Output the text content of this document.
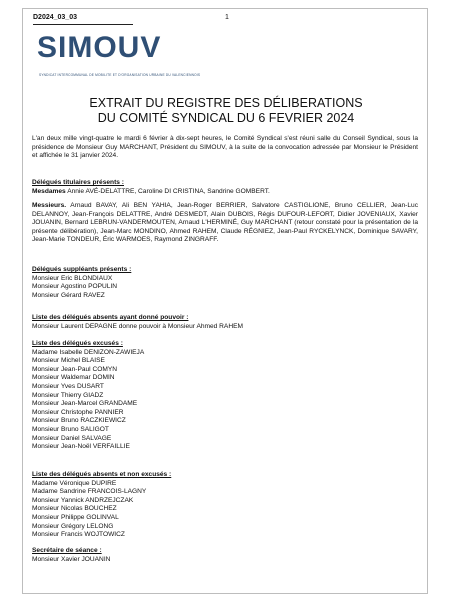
D2024_03_03	1
SIMOUV
SYNDICAT INTERCOMMUNAL DE MOBILITE ET D'ORGANISATION URBAINE DU VALENCIENNOIS
EXTRAIT DU REGISTRE DES DÉLIBERATIONS
DU COMITÉ SYNDICAL DU 6 FEVRIER 2024
L'an deux mille vingt-quatre le mardi 6 février à dix-sept heures, le Comité Syndical s'est réuni salle du Conseil Syndical, sous la présidence de Monsieur Guy MARCHANT, Président du SIMOUV, à la suite de la convocation adressée par Monsieur le Président et affichée le 31 janvier 2024.

Délégués titulaires présents :

Mesdames Annie AVÉ-DELATTRE, Caroline DI CRISTINA, Sandrine GOMBERT.

Messieurs. Arnaud BAVAY, Ali BEN YAHIA, Jean-Roger BERRIER, Salvatore CASTIGLIONE, Bruno CELLIER, Jean-Luc DELANNOY, Jean-François DELATTRE, André DESMEDT, Alain DUBOIS, Régis DUFOUR-LEFORT, Didier JOVENIAUX, Xavier JOUANIN, Bernard LEBRUN-VANDERMOUTEN, Arnaud L'HERMINÉ, Guy MARCHANT (retour constaté pour la présentation de la présente délibération), Jean-Marc MONDINO, Ahmed RAHEM, Claude RÉGNIEZ, Jean-Paul RYCKELYNCK, Dominique SAVARY, Jean-Marie TONDEUR, Éric WARMOES, Raymond ZINGRAFF.

Délégués suppléants présents :

Monsieur Eric BLONDIAUX

Monsieur Agostino POPULIN

Monsieur Gérard RAVEZ

Liste des délégués absents ayant donné pouvoir :

Monsieur Laurent DEPAGNE donne pouvoir à Monsieur Ahmed RAHEM

Liste des délégués excusés :

Madame Isabelle DENIZON-ZAWIEJA

Monsieur Michel BLAISE

Monsieur Jean-Paul COMYN

Monsieur Waldemar DOMIN

Monsieur Yves DUSART

Monsieur Thierry GIADZ

Monsieur Jean-Marcel GRANDAME

Monsieur Christophe PANNIER

Monsieur Bruno RACZKIEWICZ

Monsieur Bruno SALIGOT

Monsieur Daniel SALVAGE

Monsieur Jean-Noël VERFAILLIE

Liste des délégués absents et non excusés :

Madame Véronique DUPIRE

Madame Sandrine FRANCOIS-LAGNY

Monsieur Yannick ANDRZEJCZAK

Monsieur Nicolas BOUCHEZ

Monsieur Philippe GOLINVAL

Monsieur Grégory LELONG

Monsieur Francis WOJTOWICZ

Secrétaire de séance :

Monsieur Xavier JOUANIN
